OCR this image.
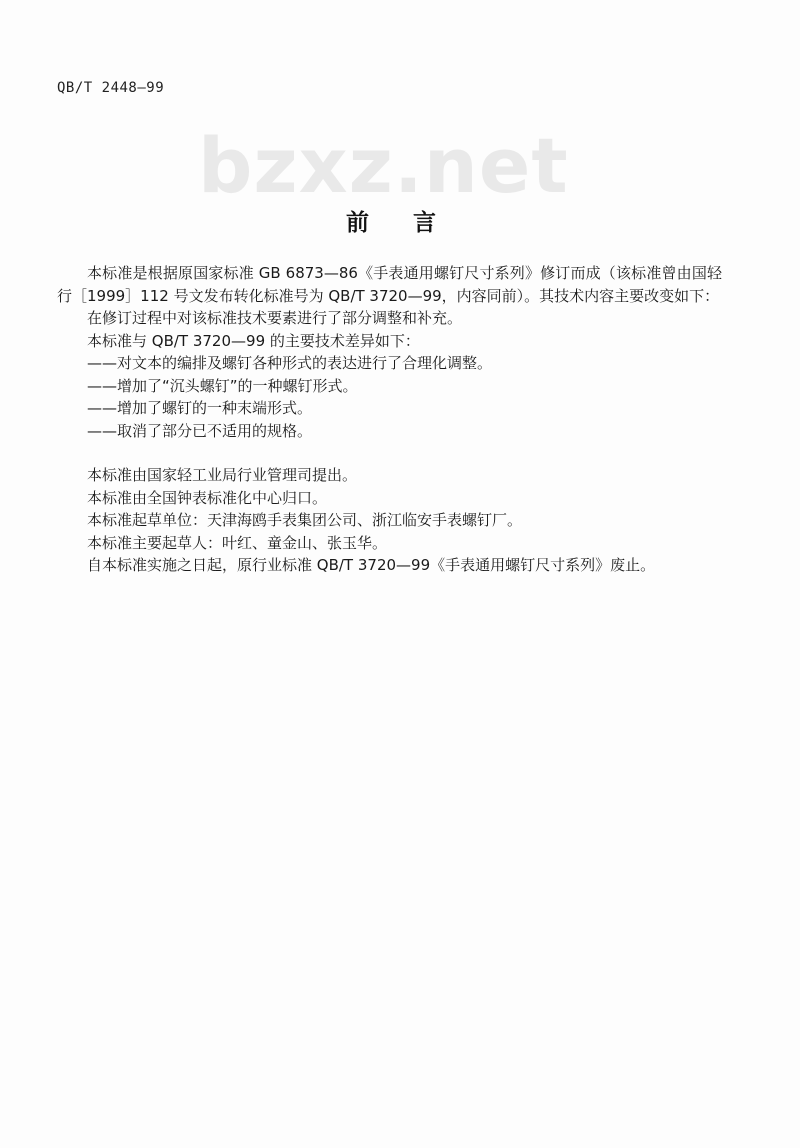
QB/T 2448—99
bzxz.net
前 言

本标准是根据原国家标准 GB 6873—86《手表通用螺钉尺寸系列》修订而成（该标准曾由国轻行［1999］112 号文发布转化标准号为 QB/T 3720—99，内容同前）。其技术内容主要改变如下：

在修订过程中对该标准技术要素进行了部分调整和补充。

本标准与 QB/T 3720—99 的主要技术差异如下：

——对文本的编排及螺钉各种形式的表达进行了合理化调整。

——增加了“沉头螺钉”的一种螺钉形式。

——增加了螺钉的一种末端形式。

——取消了部分已不适用的规格。

本标准由国家轻工业局行业管理司提出。

本标准由全国钟表标准化中心归口。

本标准起草单位：天津海鸥手表集团公司、浙江临安手表螺钉厂。

本标准主要起草人：叶红、童金山、张玉华。

自本标准实施之日起，原行业标准 QB/T 3720—99《手表通用螺钉尺寸系列》废止。
